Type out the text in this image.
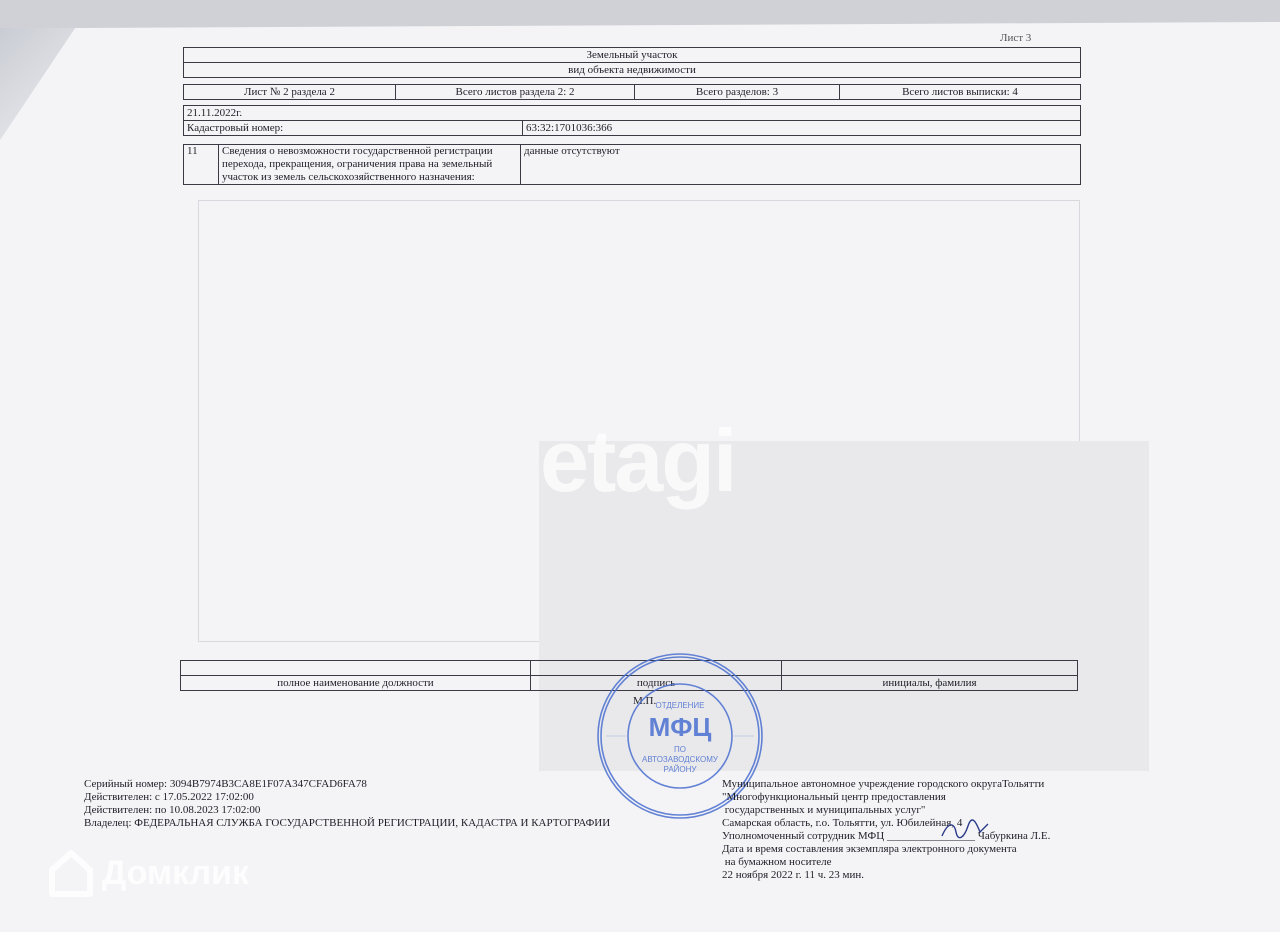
Лист 3
Земельный участок
вид объекта недвижимости
Лист № 2 раздела 2	Всего листов раздела 2: 2	Всего разделов: 3	Всего листов выписки: 4
21.11.2022г.
Кадастровый номер:	63:32:1701036:366
11	Сведения о невозможности государственной регистрации перехода, прекращения, ограничения права на земельный участок из земель сельскохозяйственного назначения:	данные отсутствуют
etagi

полное наименование должности	подпись	инициалы, фамилия
М.П. ОТДЕЛЕНИЕ
МФЦ
ПО
АВТОЗАВОДСКОМУ
РАЙОНУ
Серийный номер: 3094B7974B3CA8E1F07A347CFAD6FA78
Действителен: с 17.05.2022 17:02:00
Действителен: по 10.08.2023 17:02:00
Владелец: ФЕДЕРАЛЬНАЯ СЛУЖБА ГОСУДАРСТВЕННОЙ РЕГИСТРАЦИИ, КАДАСТРА И КАРТОГРАФИИ
Муниципальное автономное учреждение городского округаТольятти
"Многофункциональный центр предоставления
государственных и муниципальных услуг"
Самарская область, г.о. Тольятти, ул. Юбилейная, 4
Уполномоченный сотрудник МФЦ ________________ Чабуркина Л.Е.
Дата и время составления экземпляра электронного документа
на бумажном носителе
22 ноября 2022 г. 11 ч. 23 мин.
Домклик
